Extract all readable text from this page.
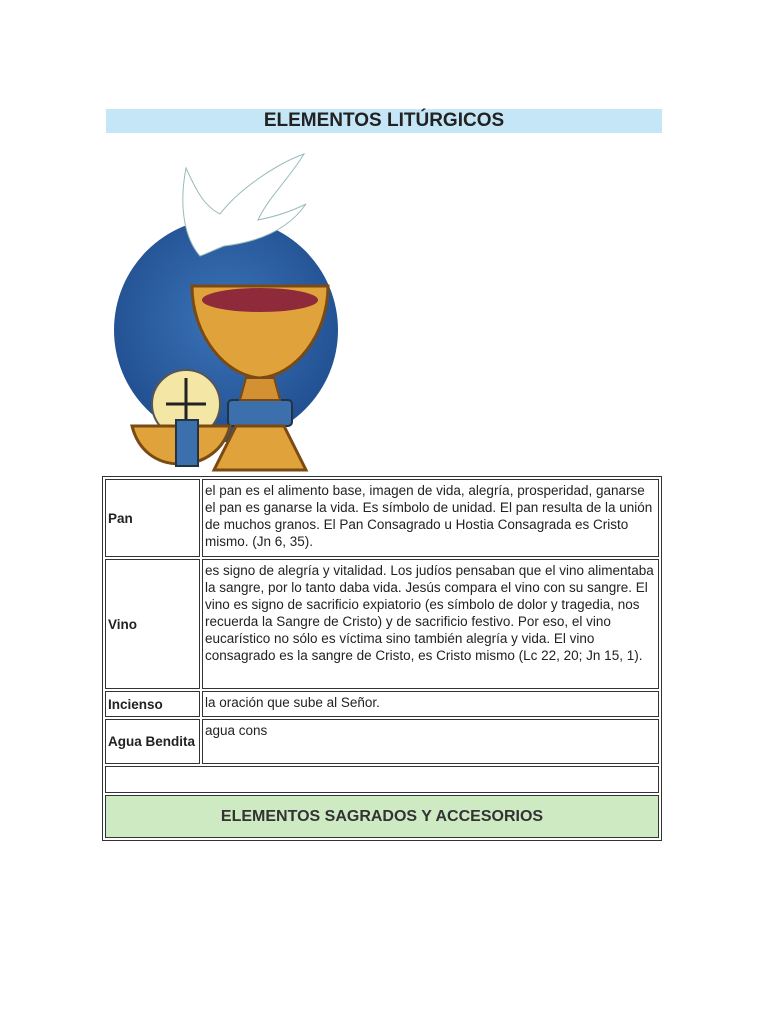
ELEMENTOS LITÚRGICOS
Pan	el pan es el alimento base, imagen de vida, alegría, prosperidad, ganarse el pan es ganarse la vida. Es símbolo de unidad. El pan resulta de la unión de muchos granos. El Pan Consagrado u Hostia Consagrada es Cristo mismo. (Jn 6, 35).
Vino	es signo de alegría y vitalidad. Los judíos pensaban que el vino alimentaba la sangre, por lo tanto daba vida. Jesús compara el vino con su sangre. El vino es signo de sacrificio expiatorio (es símbolo de dolor y tragedia, nos recuerda la Sangre de Cristo) y de sacrificio festivo. Por eso, el vino eucarístico no sólo es víctima sino también alegría y vida. El vino consagrado es la sangre de Cristo, es Cristo mismo (Lc 22, 20; Jn 15, 1).
Incienso	la oración que sube al Señor.
Agua Bendita	agua cons

ELEMENTOS SAGRADOS Y ACCESORIOS	
